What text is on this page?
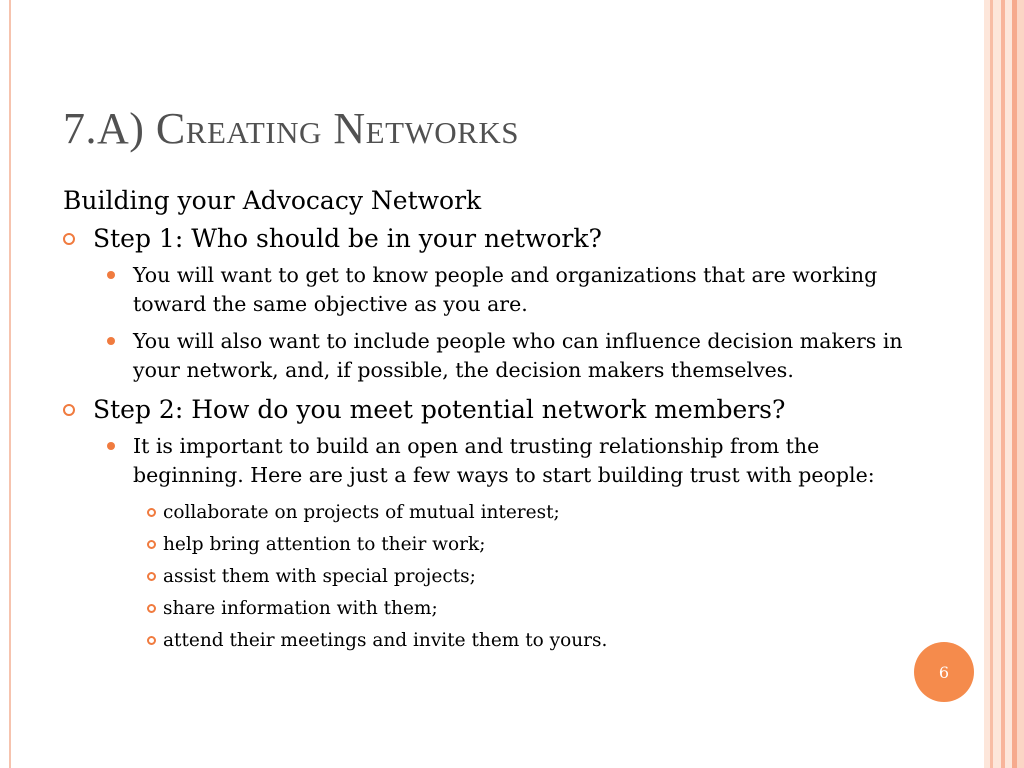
7.A) Creating Networks

Building your Advocacy Network

Step 1: Who should be in your network?
You will want to get to know people and organizations that are working toward the same objective as you are.
You will also want to include people who can influence decision makers in your network, and, if possible, the decision makers themselves.
Step 2: How do you meet potential network members?
It is important to build an open and trusting relationship from the beginning. Here are just a few ways to start building trust with people:
collaborate on projects of mutual interest;
help bring attention to their work;
assist them with special projects;
share information with them;
attend their meetings and invite them to yours.
6
